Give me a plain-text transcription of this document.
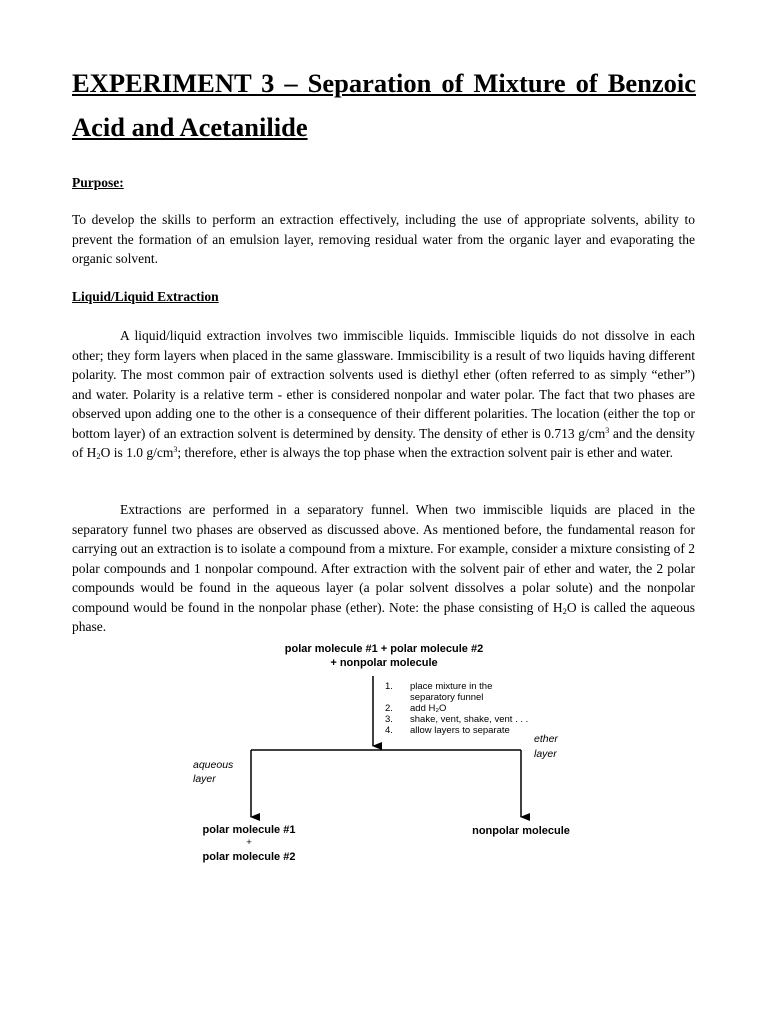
EXPERIMENT 3 – Separation of Mixture of Benzoic
Acid and Acetanilide

Purpose:

To develop the skills to perform an extraction effectively, including the use of appropriate solvents, ability to prevent the formation of an emulsion layer, removing residual water from the organic layer and evaporating the organic solvent.

Liquid/Liquid Extraction

A liquid/liquid extraction involves two immiscible liquids. Immiscible liquids do not dissolve in each other; they form layers when placed in the same glassware. Immiscibility is a result of two liquids having different polarity. The most common pair of extraction solvents used is diethyl ether (often referred to as simply “ether”) and water. Polarity is a relative term - ether is considered nonpolar and water polar. The fact that two phases are observed upon adding one to the other is a consequence of their different polarities. The location (either the top or bottom layer) of an extraction solvent is determined by density. The density of ether is 0.713 $g/cm^3$ and the density of $H_2O$ is 1.0 $g/cm^3$; therefore, ether is always the top phase when the extraction solvent pair is ether and water.

Extractions are performed in a separatory funnel. When two immiscible liquids are placed in the separatory funnel two phases are observed as discussed above. As mentioned before, the fundamental reason for carrying out an extraction is to isolate a compound from a mixture. For example, consider a mixture consisting of 2 polar compounds and 1 nonpolar compound. After extraction with the solvent pair of ether and water, the 2 polar compounds would be found in the aqueous layer (a polar solvent dissolves a polar solute) and the nonpolar compound would be found in the nonpolar phase (ether). Note: the phase consisting of $H_2O$ is called the aqueous phase.

polar molecule #1 + polar molecule #2
+ nonpolar molecule
1. place mixture in the
separatory funnel
2. add H₂O
3. shake, vent, shake, vent . . .
4. allow layers to separate
ether
layer
aqueous
layer
polar molecule #1
+
polar molecule #2
nonpolar molecule
